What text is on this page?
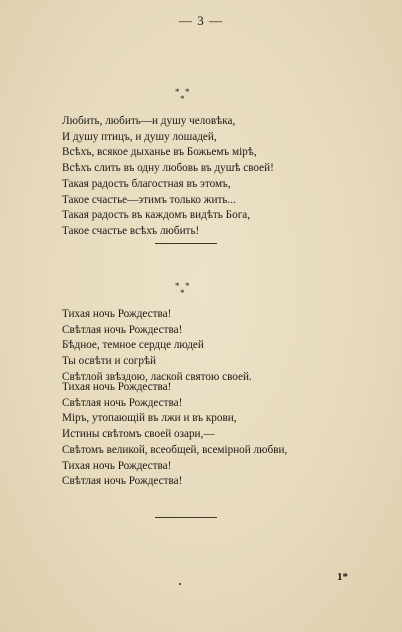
— 3 —
* *
*
Любить, любить—и душу человѣка,
И душу птицъ, и душу лошадей,
Всѣхъ, всякое дыханье въ Божьемъ мірѣ,
Всѣхъ слить въ одну любовь въ душѣ своей!
Такая радость благостная въ этомъ,
Такое счастье—этимъ только жить...
Такая радость въ каждомъ видѣть Бога,
Такое счастье всѣхъ любить!
* *
*
Тихая ночь Рождества!
Свѣтлая ночь Рождества!
Бѣдное, темное сердце людей
Ты освѣти и согрѣй
Свѣтлой звѣздою, лаской святою своей.
Тихая ночь Рождества!
Свѣтлая ночь Рождества!
Міръ, утопающій въ лжи и въ крови,
Истины свѣтомъ своей озари,—
Свѣтомъ великой, всеобщей, всемірной любви,
Тихая ночь Рождества!
Свѣтлая ночь Рождества!
1*
